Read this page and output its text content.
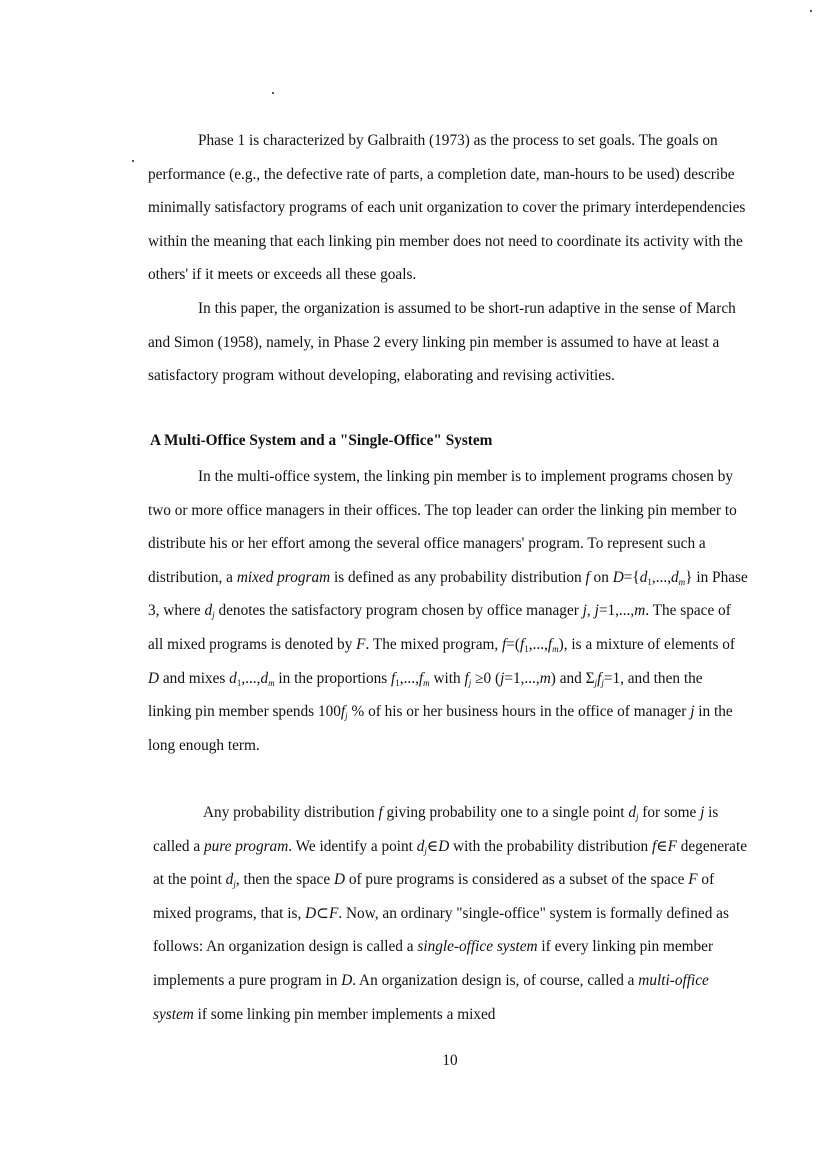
Phase 1 is characterized by Galbraith (1973) as the process to set goals. The goals on performance (e.g., the defective rate of parts, a completion date, man-hours to be used) describe minimally satisfactory programs of each unit organization to cover the primary interdependencies within the meaning that each linking pin member does not need to coordinate its activity with the others' if it meets or exceeds all these goals.

In this paper, the organization is assumed to be short-run adaptive in the sense of March and Simon (1958), namely, in Phase 2 every linking pin member is assumed to have at least a satisfactory program without developing, elaborating and revising activities.

A Multi-Office System and a "Single-Office" System

In the multi-office system, the linking pin member is to implement programs chosen by two or more office managers in their offices. The top leader can order the linking pin member to distribute his or her effort among the several office managers' program. To represent such a distribution, a mixed program is defined as any probability distribution f on $D=\{d_1,...,d_m\}$ in Phase 3, where $d_j$ denotes the satisfactory program chosen by office manager j, j=1,...,m. The space of all mixed programs is denoted by F. The mixed program, $f=(f_1,...,f_m)$, is a mixture of elements of D and mixes $d_1,...,d_m$ in the proportions $f_1,...,f_m$ with $f_j \ge 0$ (j=1,...,m) and $\Sigma_jf_j=1$, and then the linking pin member spends $100f_j$ % of his or her business hours in the office of manager j in the long enough term.

Any probability distribution f giving probability one to a single point $d_j$ for some j is called a pure program. We identify a point $d_j\in D$ with the probability distribution f∈F degenerate at the point $d_j$, then the space D of pure programs is considered as a subset of the space F of mixed programs, that is, D⊂F. Now, an ordinary "single-office" system is formally defined as follows: An organization design is called a single-office system if every linking pin member implements a pure program in D. An organization design is, of course, called a multi-office system if some linking pin member implements a mixed

10
